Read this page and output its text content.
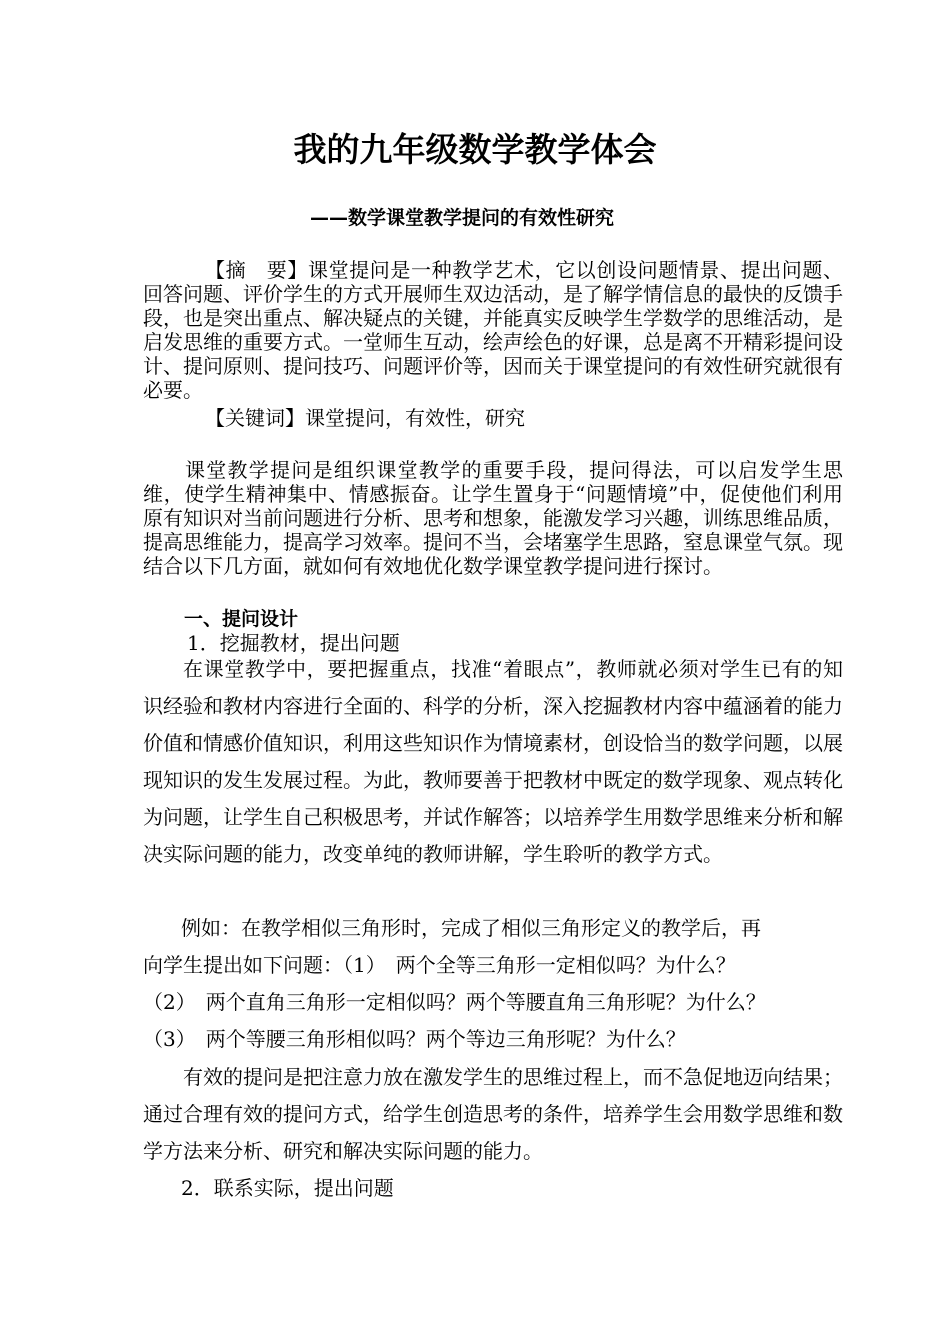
我的九年级数学教学体会

——数学课堂教学提问的有效性研究

【摘　要】课堂提问是一种教学艺术，它以创设问题情景、提出问题、回答问题、评价学生的方式开展师生双边活动，是了解学情信息的最快的反馈手段，也是突出重点、解决疑点的关键，并能真实反映学生学数学的思维活动，是启发思维的重要方式。一堂师生互动，绘声绘色的好课，总是离不开精彩提问设计、提问原则、提问技巧、问题评价等，因而关于课堂提问的有效性研究就很有必要。

【关键词】课堂提问，有效性，研究

课堂教学提问是组织课堂教学的重要手段，提问得法，可以启发学生思维，使学生精神集中、情感振奋。让学生置身于“问题情境”中，促使他们利用原有知识对当前问题进行分析、思考和想象，能激发学习兴趣，训练思维品质，提高思维能力，提高学习效率。提问不当，会堵塞学生思路，窒息课堂气氛。现结合以下几方面，就如何有效地优化数学课堂教学提问进行探讨。

一、提问设计

1．挖掘教材，提出问题

在课堂教学中，要把握重点，找准“着眼点”，教师就必须对学生已有的知识经验和教材内容进行全面的、科学的分析，深入挖掘教材内容中蕴涵着的能力价值和情感价值知识，利用这些知识作为情境素材，创设恰当的数学问题，以展现知识的发生发展过程。为此，教师要善于把教材中既定的数学现象、观点转化为问题，让学生自己积极思考，并试作解答；以培养学生用数学思维来分析和解决实际问题的能力，改变单纯的教师讲解，学生聆听的教学方式。

例如：在教学相似三角形时，完成了相似三角形定义的教学后，再

向学生提出如下问题：（1）　两个全等三角形一定相似吗？为什么？

（2）　两个直角三角形一定相似吗？两个等腰直角三角形呢？为什么？

（3）　两个等腰三角形相似吗？两个等边三角形呢？为什么？

有效的提问是把注意力放在激发学生的思维过程上，而不急促地迈向结果；通过合理有效的提问方式，给学生创造思考的条件，培养学生会用数学思维和数学方法来分析、研究和解决实际问题的能力。

2．联系实际，提出问题
